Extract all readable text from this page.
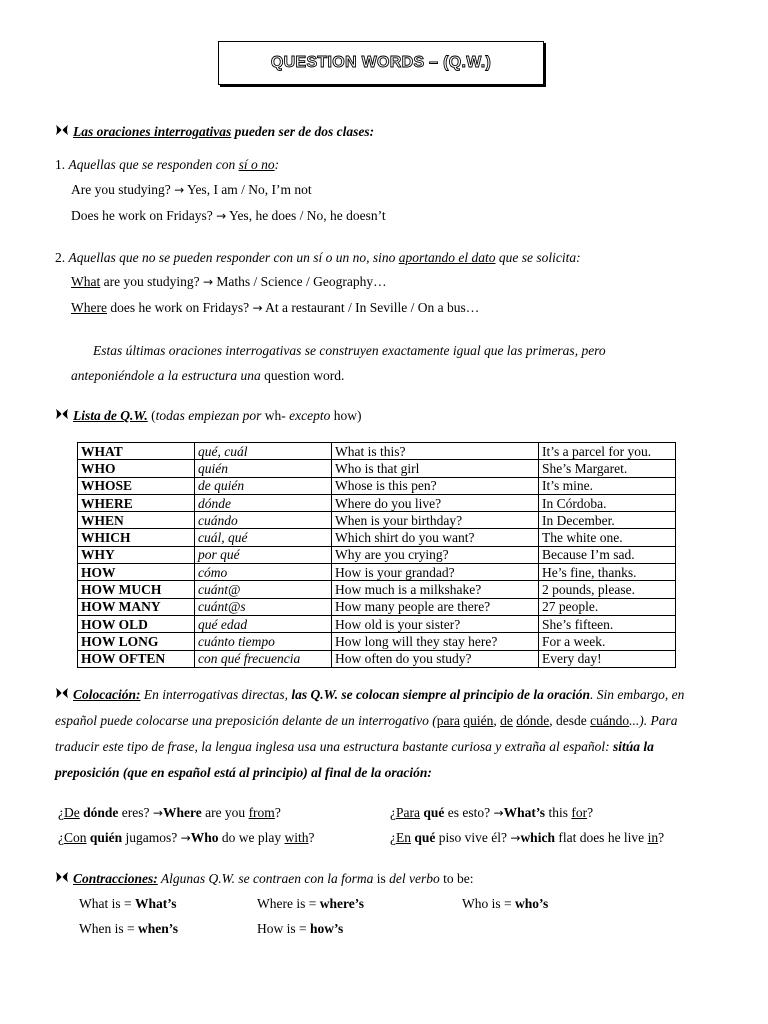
QUESTION WORDS – (Q.W.)
Las oraciones interrogativas pueden ser de dos clases:
1. Aquellas que se responden con sí o no:
Are you studying? → Yes, I am / No, I’m not
Does he work on Fridays? → Yes, he does / No, he doesn’t
2. Aquellas que no se pueden responder con un sí o un no, sino aportando el dato que se solicita:
What are you studying? → Maths / Science / Geography…
Where does he work on Fridays? → At a restaurant / In Seville / On a bus…
Estas últimas oraciones interrogativas se construyen exactamente igual que las primeras, pero
anteponiéndole a la estructura una question word.
Lista de Q.W. (todas empiezan por wh- excepto how)
WHAT	qué, cuál	What is this?	It’s a parcel for you.
WHO	quién	Who is that girl	She’s Margaret.
WHOSE	de quién	Whose is this pen?	It’s mine.
WHERE	dónde	Where do you live?	In Córdoba.
WHEN	cuándo	When is your birthday?	In December.
WHICH	cuál, qué	Which shirt do you want?	The white one.
WHY	por qué	Why are you crying?	Because I’m sad.
HOW	cómo	How is your grandad?	He’s fine, thanks.
HOW MUCH	cuánt@	How much is a milkshake?	2 pounds, please.
HOW MANY	cuánt@s	How many people are there?	27 people.
HOW OLD	qué edad	How old is your sister?	She’s fifteen.
HOW LONG	cuánto tiempo	How long will they stay here?	For a week.
HOW OFTEN	con qué frecuencia	How often do you study?	Every day!
Colocación: En interrogativas directas, las Q.W. se colocan siempre al principio de la oración. Sin embargo, en español puede colocarse una preposición delante de un interrogativo (para quién, de dónde, desde cuándo...). Para traducir este tipo de frase, la lengua inglesa usa una estructura bastante curiosa y extraña al español: sitúa la preposición (que en español está al principio) al final de la oración:
¿De dónde eres? →Where are you from?
¿Con quién jugamos? →Who do we play with?
¿Para qué es esto? →What’s this for?
¿En qué piso vive él? →which flat does he live in?
Contracciones: Algunas Q.W. se contraen con la forma is del verbo to be:
What is = What’s	Where is = where’s	Who is = who’s
When is = when’s	How is = how’s
